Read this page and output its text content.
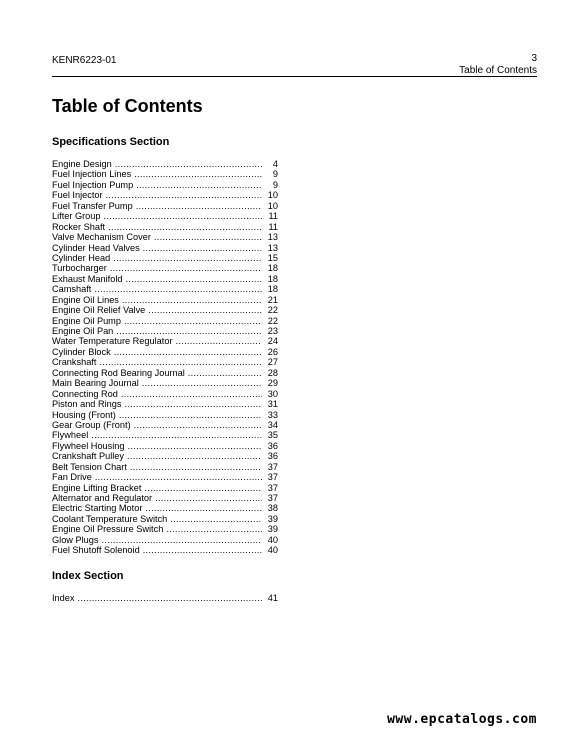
KENR6223-01	3
Table of Contents
Table of Contents
Specifications Section
Engine Design .....	4
Fuel Injection Lines .....	9
Fuel Injection Pump .....	9
Fuel Injector .....	10
Fuel Transfer Pump .....	10
Lifter Group .....	11
Rocker Shaft .....	11
Valve Mechanism Cover .....	13
Cylinder Head Valves .....	13
Cylinder Head .....	15
Turbocharger .....	18
Exhaust Manifold .....	18
Camshaft .....	18
Engine Oil Lines .....	21
Engine Oil Relief Valve .....	22
Engine Oil Pump .....	22
Engine Oil Pan .....	23
Water Temperature Regulator .....	24
Cylinder Block .....	26
Crankshaft .....	27
Connecting Rod Bearing Journal .....	28
Main Bearing Journal .....	29
Connecting Rod .....	30
Piston and Rings .....	31
Housing (Front) .....	33
Gear Group (Front) .....	34
Flywheel .....	35
Flywheel Housing .....	36
Crankshaft Pulley .....	36
Belt Tension Chart .....	37
Fan Drive .....	37
Engine Lifting Bracket .....	37
Alternator and Regulator .....	37
Electric Starting Motor .....	38
Coolant Temperature Switch .....	39
Engine Oil Pressure Switch .....	39
Glow Plugs .....	40
Fuel Shutoff Solenoid .....	40
Index Section
Index .....	41
www.epcatalogs.com
